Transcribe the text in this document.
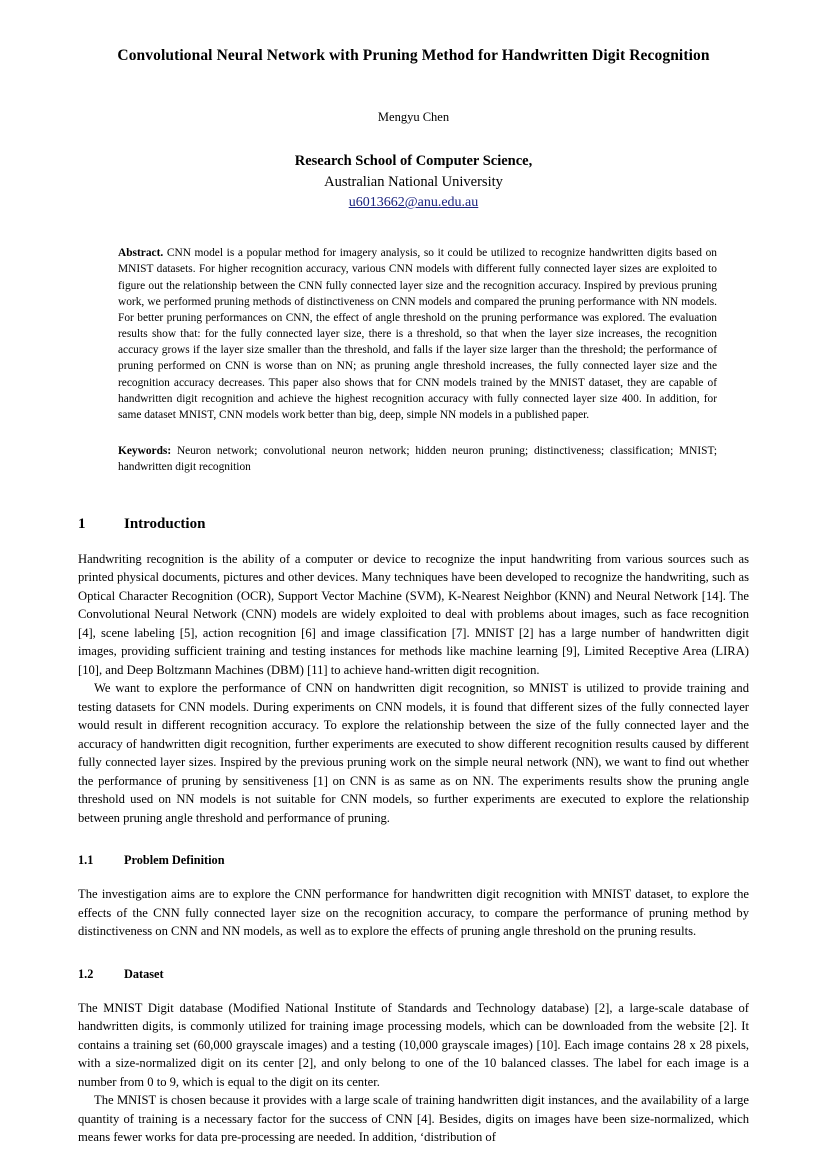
Convolutional Neural Network with Pruning Method for Handwritten Digit Recognition
Mengyu Chen
Research School of Computer Science,
Australian National University
u6013662@anu.edu.au
Abstract. CNN model is a popular method for imagery analysis, so it could be utilized to recognize handwritten digits based on MNIST datasets. For higher recognition accuracy, various CNN models with different fully connected layer sizes are exploited to figure out the relationship between the CNN fully connected layer size and the recognition accuracy. Inspired by previous pruning work, we performed pruning methods of distinctiveness on CNN models and compared the pruning performance with NN models. For better pruning performances on CNN, the effect of angle threshold on the pruning performance was explored. The evaluation results show that: for the fully connected layer size, there is a threshold, so that when the layer size increases, the recognition accuracy grows if the layer size smaller than the threshold, and falls if the layer size larger than the threshold; the performance of pruning performed on CNN is worse than on NN; as pruning angle threshold increases, the fully connected layer size and the recognition accuracy decreases. This paper also shows that for CNN models trained by the MNIST dataset, they are capable of handwritten digit recognition and achieve the highest recognition accuracy with fully connected layer size 400. In addition, for same dataset MNIST, CNN models work better than big, deep, simple NN models in a published paper.
Keywords: Neuron network; convolutional neuron network; hidden neuron pruning; distinctiveness; classification; MNIST; handwritten digit recognition
1	Introduction

Handwriting recognition is the ability of a computer or device to recognize the input handwriting from various sources such as printed physical documents, pictures and other devices. Many techniques have been developed to recognize the handwriting, such as Optical Character Recognition (OCR), Support Vector Machine (SVM), K-Nearest Neighbor (KNN) and Neural Network [14]. The Convolutional Neural Network (CNN) models are widely exploited to deal with problems about images, such as face recognition [4], scene labeling [5], action recognition [6] and image classification [7]. MNIST [2] has a large number of handwritten digit images, providing sufficient training and testing instances for methods like machine learning [9], Limited Receptive Area (LIRA) [10], and Deep Boltzmann Machines (DBM) [11] to achieve hand-written digit recognition.

We want to explore the performance of CNN on handwritten digit recognition, so MNIST is utilized to provide training and testing datasets for CNN models. During experiments on CNN models, it is found that different sizes of the fully connected layer would result in different recognition accuracy. To explore the relationship between the size of the fully connected layer and the accuracy of handwritten digit recognition, further experiments are executed to show different recognition results caused by different fully connected layer sizes. Inspired by the previous pruning work on the simple neural network (NN), we want to find out whether the performance of pruning by sensitiveness [1] on CNN is as same as on NN. The experiments results show the pruning angle threshold used on NN models is not suitable for CNN models, so further experiments are executed to explore the relationship between pruning angle threshold and performance of pruning.

1.1	Problem Definition

The investigation aims are to explore the CNN performance for handwritten digit recognition with MNIST dataset, to explore the effects of the CNN fully connected layer size on the recognition accuracy, to compare the performance of pruning method by distinctiveness on CNN and NN models, as well as to explore the effects of pruning angle threshold on the pruning results.

1.2	Dataset

The MNIST Digit database (Modified National Institute of Standards and Technology database) [2], a large-scale database of handwritten digits, is commonly utilized for training image processing models, which can be downloaded from the website [2]. It contains a training set (60,000 grayscale images) and a testing (10,000 grayscale images) [10]. Each image contains 28 x 28 pixels, with a size-normalized digit on its center [2], and only belong to one of the 10 balanced classes. The label for each image is a number from 0 to 9, which is equal to the digit on its center.

The MNIST is chosen because it provides with a large scale of training handwritten digit instances, and the availability of a large quantity of training is a necessary factor for the success of CNN [4]. Besides, digits on images have been size-normalized, which means fewer works for data pre-processing are needed. In addition, ‘distribution of
